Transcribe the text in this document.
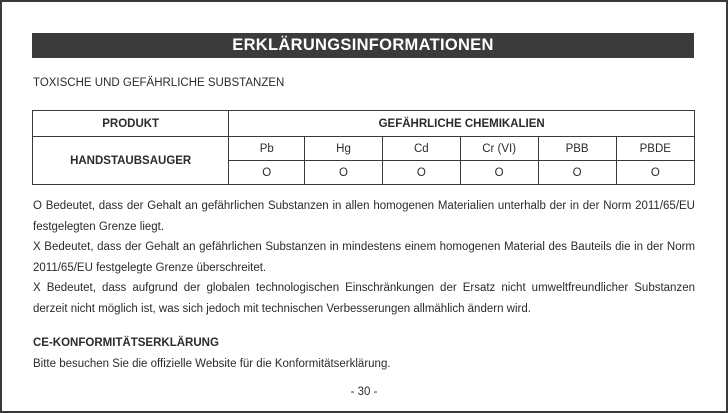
ERKLÄRUNGSINFORMATIONEN
TOXISCHE UND GEFÄHRLICHE SUBSTANZEN
PRODUKT	GEFÄHRLICHE CHEMIKALIEN					
HANDSTAUBSAUGER	Pb	Hg	Cd	Cr (VI)	PBB	PBDE
	O	O	O	O	O	O

O Bedeutet, dass der Gehalt an gefährlichen Substanzen in allen homogenen Materialien unterhalb der in der Norm 2011/65/EU festgelegten Grenze liegt.

X Bedeutet, dass der Gehalt an gefährlichen Substanzen in mindestens einem homogenen Material des Bauteils die in der Norm 2011/65/EU festgelegte Grenze überschreitet.

X Bedeutet, dass aufgrund der globalen technologischen Einschränkungen der Ersatz nicht umweltfreundlicher Substanzen derzeit nicht möglich ist, was sich jedoch mit technischen Verbesserungen allmählich ändern wird.

CE-KONFORMITÄTSERKLÄRUNG
Bitte besuchen Sie die offizielle Website für die Konformitätserklärung.
- 30 -
